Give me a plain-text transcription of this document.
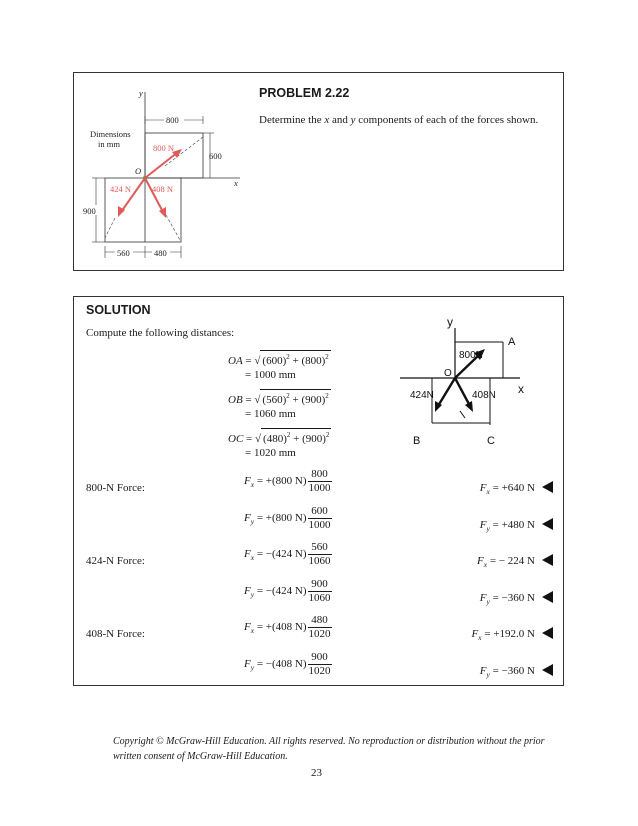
y
x
800
600
900
560	480
Dimensions
in mm
O
800 N
424 N 408 N
PROBLEM 2.22
Determine the x and y components of each of the forces shown.
SOLUTION
Compute the following distances:
OA = √ $(600)^2 + (800)^2$
= 1000 mm
OB = √ $(560)^2 + (900)^2$
= 1060 mm
OC = √ $(480)^2 + (900)^2$
= 1020 mm
y
x
A
O
B	C
800N
424N	408N
800-N Force:
$F_x = +(800$ $N) \frac{800}{1000}$	$F_x = +640$ N
$F_y = +(800$ $N) \frac{600}{1000}$	$F_y = +480$ N
424-N Force:
$F_x = -(424$ $N) \frac{560}{1060}$	$F_x$ = − 224 N
$F_y = -(424$ $N) \frac{900}{1060}$	$F_y = -360$ N
408-N Force:
$F_x = +(408$ $N) \frac{480}{1020}$	$F_x = +192.0$ N
$F_y = -(408$ $N) \frac{900}{1020}$	$F_y = -360$ N
Copyright © McGraw-Hill Education. All rights reserved. No reproduction or distribution without the prior
written consent of McGraw-Hill Education.
23
